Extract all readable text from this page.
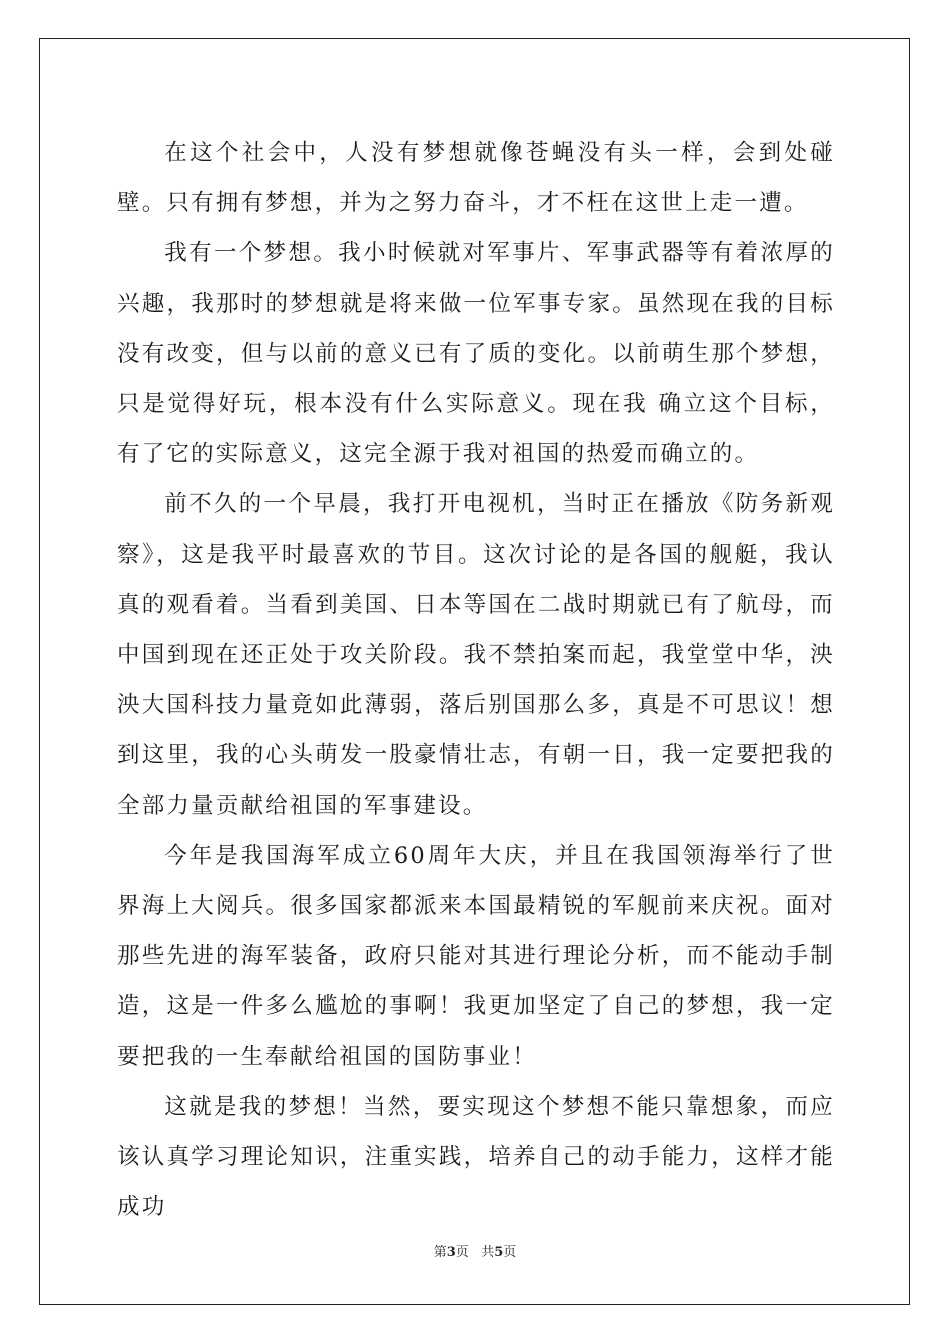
在这个社会中，人没有梦想就像苍蝇没有头一样，会到处碰壁。只有拥有梦想，并为之努力奋斗，才不枉在这世上走一遭。

我有一个梦想。我小时候就对军事片、军事武器等有着浓厚的兴趣，我那时的梦想就是将来做一位军事专家。虽然现在我的目标没有改变，但与以前的意义已有了质的变化。以前萌生那个梦想，只是觉得好玩，根本没有什么实际意义。现在我 确立这个目标，有了它的实际意义，这完全源于我对祖国的热爱而确立的。

前不久的一个早晨，我打开电视机，当时正在播放《防务新观察》，这是我平时最喜欢的节目。这次讨论的是各国的舰艇，我认真的观看着。当看到美国、日本等国在二战时期就已有了航母，而中国到现在还正处于攻关阶段。我不禁拍案而起，我堂堂中华，泱泱大国科技力量竟如此薄弱，落后别国那么多，真是不可思议！想到这里，我的心头萌发一股豪情壮志，有朝一日，我一定要把我的全部力量贡献给祖国的军事建设。

今年是我国海军成立60周年大庆，并且在我国领海举行了世界海上大阅兵。很多国家都派来本国最精锐的军舰前来庆祝。面对那些先进的海军装备，政府只能对其进行理论分析，而不能动手制造，这是一件多么尴尬的事啊！我更加坚定了自己的梦想，我一定要把我的一生奉献给祖国的国防事业！

这就是我的梦想！当然，要实现这个梦想不能只靠想象，而应该认真学习理论知识，注重实践，培养自己的动手能力，这样才能成功

第3页 共5页
